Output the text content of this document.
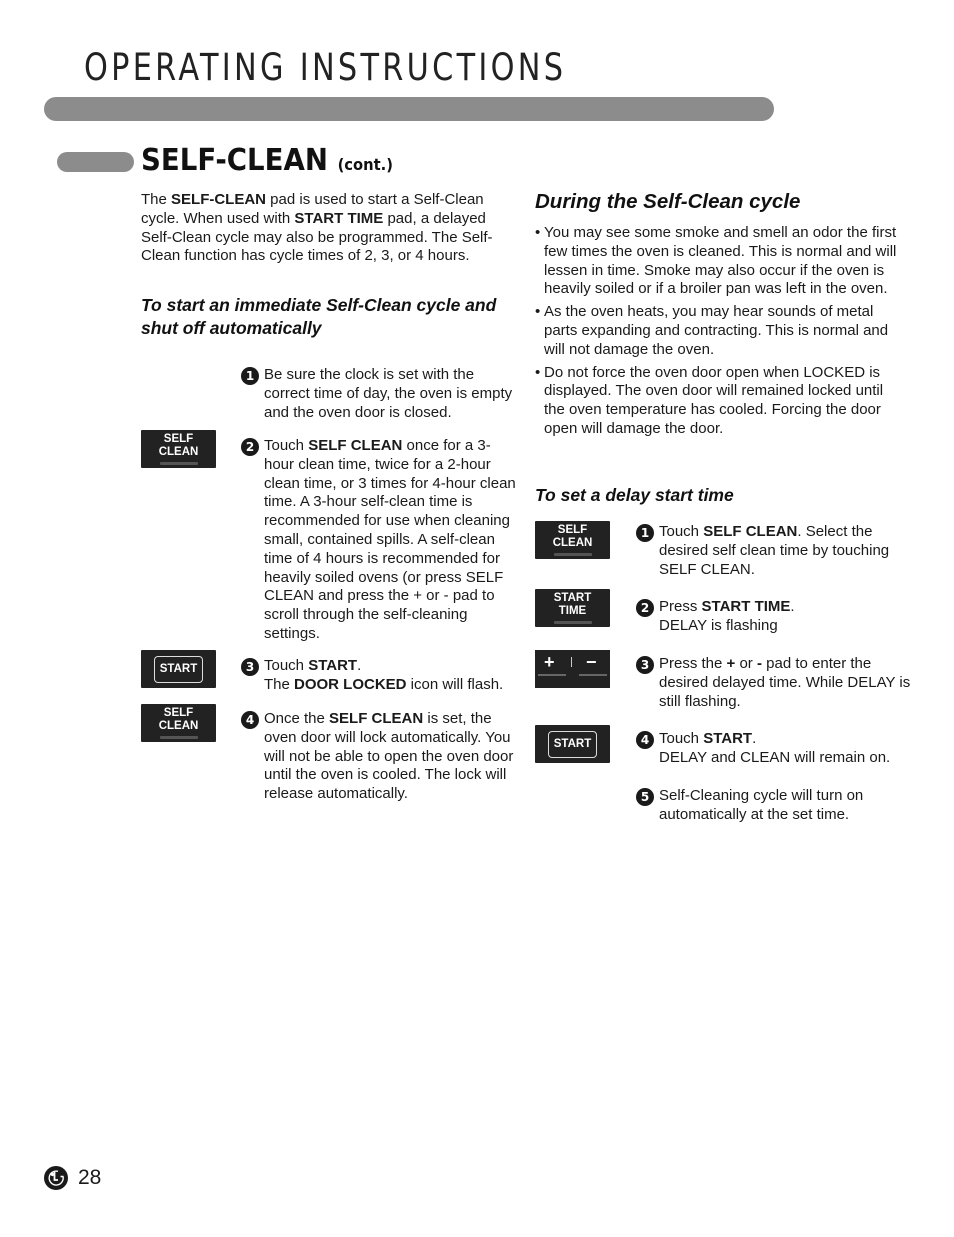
OPERATING INSTRUCTIONS
SELF-CLEAN (cont.)
The SELF-CLEAN pad is used to start a Self-Clean cycle. When used with START TIME pad, a delayed Self-Clean cycle may also be programmed. The Self-Clean function has cycle times of 2, 3, or 4 hours.
To start an immediate Self-Clean cycle and shut off automatically
1 Be sure the clock is set with the correct time of day, the oven is empty and the oven door is closed.
SELF
CLEAN	2 Touch SELF CLEAN once for a 3-hour clean time, twice for a 2-hour clean time, or 3 times for 4-hour clean time. A 3-hour self-clean time is recommended for use when cleaning small, contained spills. A self-clean time of 4 hours is recommended for heavily soiled ovens (or press SELF CLEAN and press the + or - pad to scroll through the self-cleaning settings.
START	3 Touch START.
The DOOR LOCKED icon will flash.
SELF
CLEAN	4 Once the SELF CLEAN is set, the oven door will lock automatically. You will not be able to open the oven door until the oven is cooled. The lock will release automatically.
During the Self-Clean cycle
• You may see some smoke and smell an odor the first few times the oven is cleaned. This is normal and will lessen in time. Smoke may also occur if the oven is heavily soiled or if a broiler pan was left in the oven.
• As the oven heats, you may hear sounds of metal parts expanding and contracting. This is normal and will not damage the oven.
• Do not force the oven door open when LOCKED is displayed. The oven door will remained locked until the oven temperature has cooled. Forcing the door open will damage the door.
To set a delay start time
SELF
CLEAN
1 Touch SELF CLEAN. Select the desired self clean time by touching SELF CLEAN.
START
TIME	2 Press START TIME.
DELAY is flashing
+ −	3 Press the + or - pad to enter the desired delayed time. While DELAY is still flashing.
START	4 Touch START.
DELAY and CLEAN will remain on.
5 Self-Cleaning cycle will turn on automatically at the set time.
28
